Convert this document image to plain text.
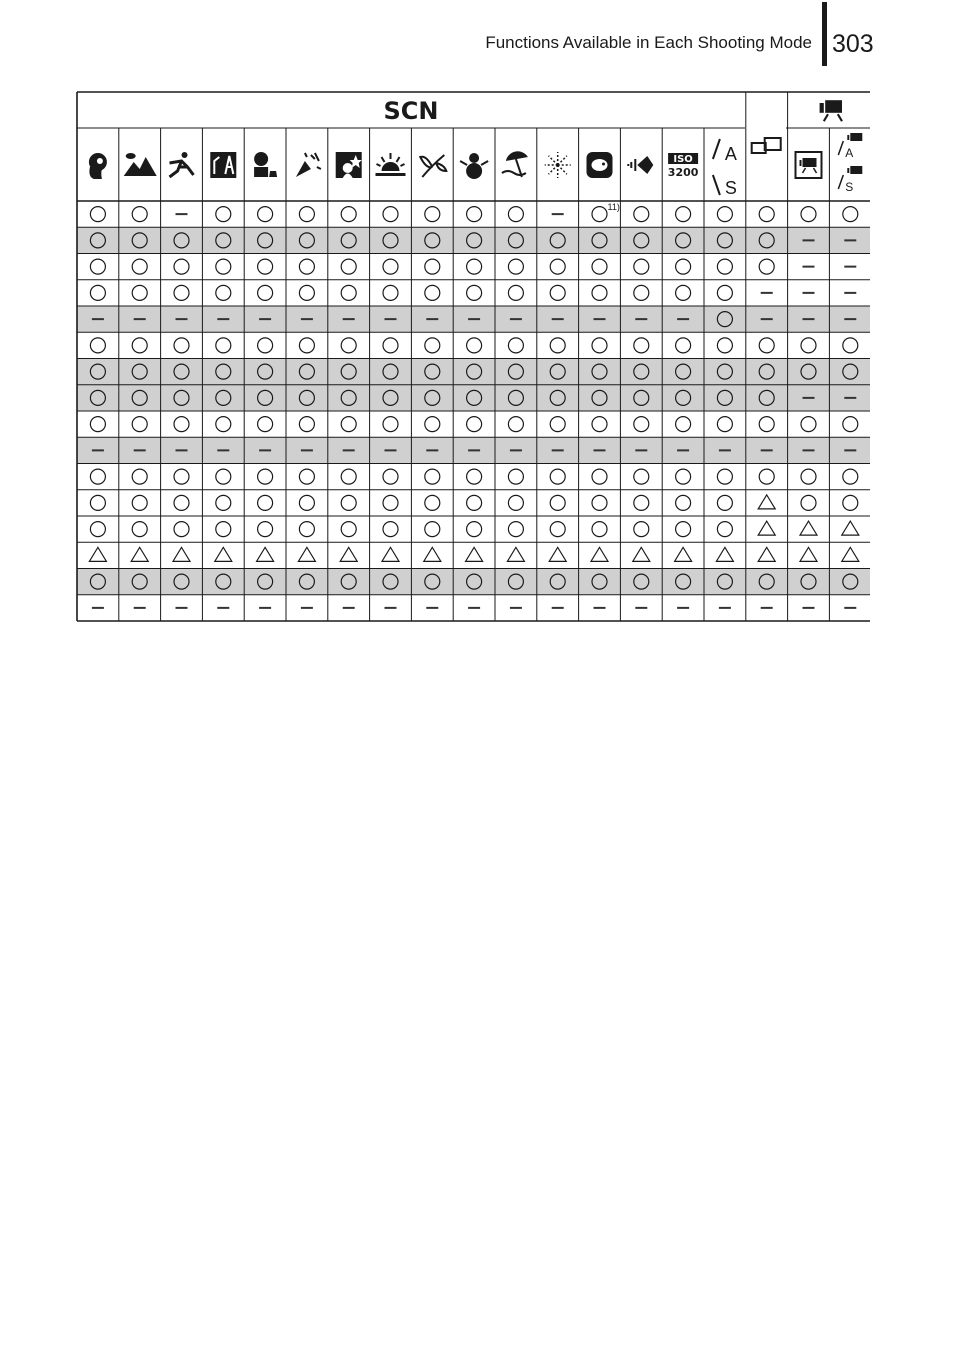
Functions Available in Each Shooting Mode 303
SCN
ISO
3200
A
S
A
S
11)
